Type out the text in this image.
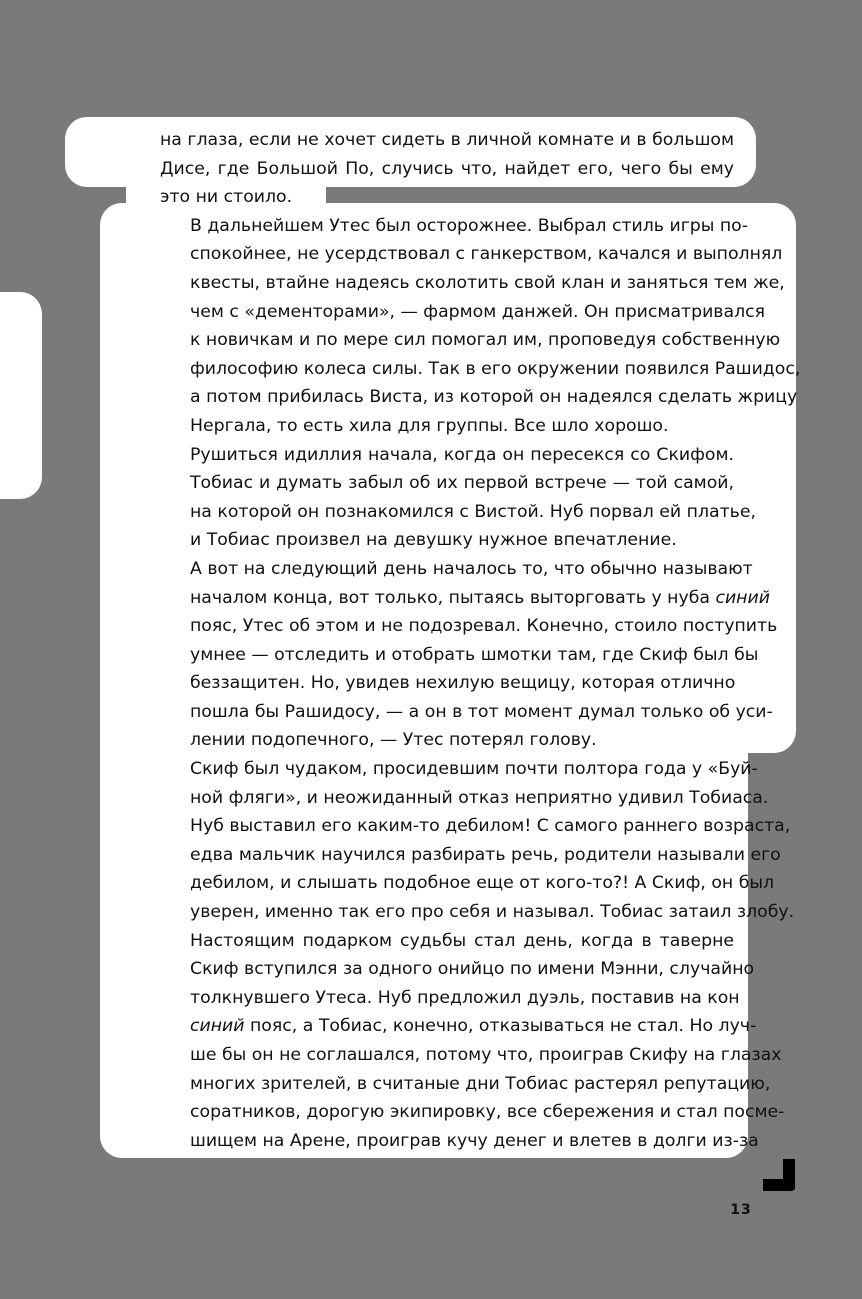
на глаза, если не хочет сидеть в личной комнате и в большом
Дисе, где Большой По, случись что, найдет его, чего бы ему
это ни стоило.

В дальнейшем Утес был осторожнее. Выбрал стиль игры по-
спокойнее, не усердствовал с ганкерством, качался и выполнял
квесты, втайне надеясь сколотить свой клан и заняться тем же,
чем с «дементорами», — фармом данжей. Он присматривался
к новичкам и по мере сил помогал им, проповедуя собственную
философию колеса силы. Так в его окружении появился Рашидос,
а потом прибилась Виста, из которой он надеялся сделать жрицу
Нергала, то есть хила для группы. Все шло хорошо.

Рушиться идиллия начала, когда он пересекся со Скифом.
Тобиас и думать забыл об их первой встрече — той самой,
на которой он познакомился с Вистой. Нуб порвал ей платье,
и Тобиас произвел на девушку нужное впечатление.

А вот на следующий день началось то, что обычно называют
началом конца, вот только, пытаясь выторговать у нуба синий
пояс, Утес об этом и не подозревал. Конечно, стоило поступить
умнее — отследить и отобрать шмотки там, где Скиф был бы
беззащитен. Но, увидев нехилую вещицу, которая отлично
пошла бы Рашидосу, — а он в тот момент думал только об уси-
лении подопечного, — Утес потерял голову.

Скиф был чудаком, просидевшим почти полтора года у «Буй-
ной фляги», и неожиданный отказ неприятно удивил Тобиаса.
Нуб выставил его каким-то дебилом! С самого раннего возраста,
едва мальчик научился разбирать речь, родители называли его
дебилом, и слышать подобное еще от кого-то?! А Скиф, он был
уверен, именно так его про себя и называл. Тобиас затаил злобу.

Настоящим подарком судьбы стал день, когда в таверне
Скиф вступился за одного онийцо по имени Мэнни, случайно
толкнувшего Утеса. Нуб предложил дуэль, поставив на кон
синий пояс, а Тобиас, конечно, отказываться не стал. Но луч-
ше бы он не соглашался, потому что, проиграв Скифу на глазах
многих зрителей, в считаные дни Тобиас растерял репутацию,
соратников, дорогую экипировку, все сбережения и стал посме-
шищем на Арене, проиграв кучу денег и влетев в долги из-за

13
